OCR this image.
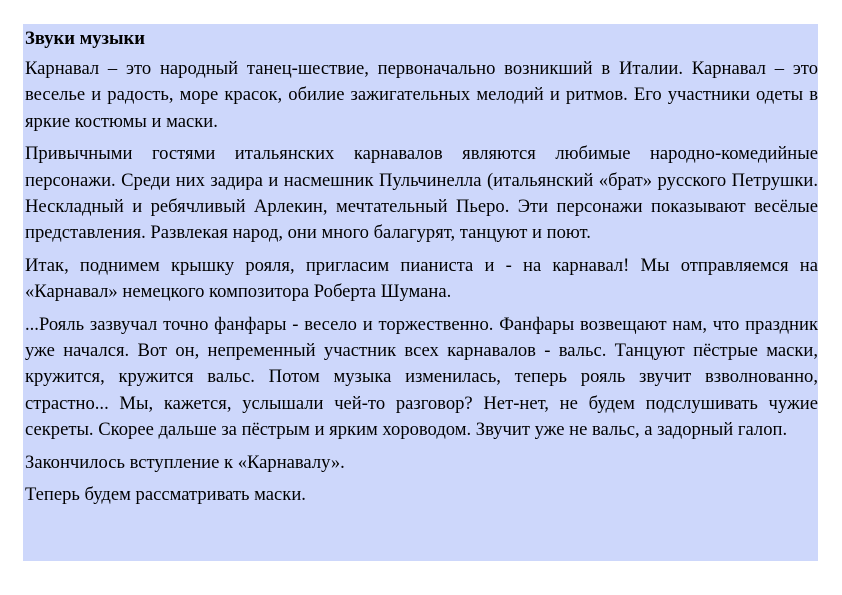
Звуки музыки
Карнавал – это народный танец-шествие, первоначально возникший в Италии. Карнавал – это веселье и радость, море красок, обилие зажигательных мелодий и ритмов. Его участники одеты в яркие костюмы и маски.
Привычными гостями итальянских карнавалов являются любимые народно-комедийные персонажи. Среди них задира и насмешник Пульчинелла (итальянский «брат» русского Петрушки. Нескладный и ребячливый Арлекин, мечтательный Пьеро. Эти персонажи показывают весёлые представления. Развлекая народ, они много балагурят, танцуют и поют.
Итак, поднимем крышку рояля, пригласим пианиста и - на карнавал! Мы отправляемся на «Карнавал» немецкого композитора Роберта Шумана.
...Рояль зазвучал точно фанфары - весело и торжественно. Фанфары возвещают нам, что праздник уже начался. Вот он, непременный участник всех карнавалов - вальс. Танцуют пёстрые маски, кружится, кружится вальс. Потом музыка изменилась, теперь рояль звучит взволнованно, страстно... Мы, кажется, услышали чей-то разговор? Нет-нет, не будем подслушивать чужие секреты. Скорее дальше за пёстрым и ярким хороводом. Звучит уже не вальс, а задорный галоп.
Закончилось вступление к «Карнавалу».
Теперь будем рассматривать маски.
